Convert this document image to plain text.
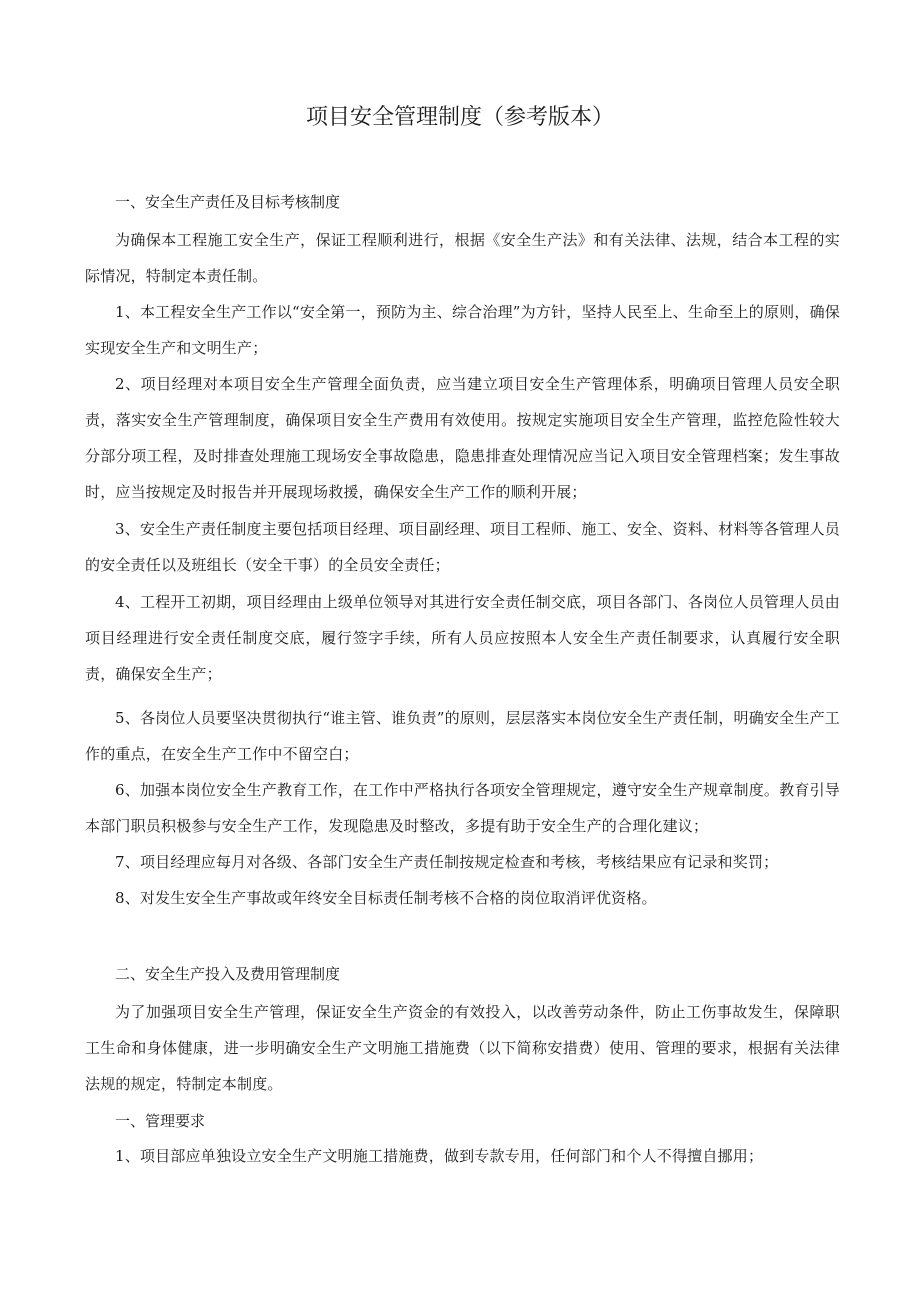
项目安全管理制度（参考版本）
一、安全生产责任及目标考核制度

为确保本工程施工安全生产，保证工程顺利进行，根据《安全生产法》和有关法律、法规，结合本工程的实际情况，特制定本责任制。

1、本工程安全生产工作以“安全第一，预防为主、综合治理”为方针，坚持人民至上、生命至上的原则，确保实现安全生产和文明生产；

2、项目经理对本项目安全生产管理全面负责，应当建立项目安全生产管理体系，明确项目管理人员安全职责，落实安全生产管理制度，确保项目安全生产费用有效使用。按规定实施项目安全生产管理，监控危险性较大分部分项工程，及时排查处理施工现场安全事故隐患，隐患排查处理情况应当记入项目安全管理档案；发生事故时，应当按规定及时报告并开展现场救援，确保安全生产工作的顺利开展；

3、安全生产责任制度主要包括项目经理、项目副经理、项目工程师、施工、安全、资料、材料等各管理人员的安全责任以及班组长（安全干事）的全员安全责任；

4、工程开工初期，项目经理由上级单位领导对其进行安全责任制交底，项目各部门、各岗位人员管理人员由项目经理进行安全责任制度交底，履行签字手续，所有人员应按照本人安全生产责任制要求，认真履行安全职责，确保安全生产；

5、各岗位人员要坚决贯彻执行“谁主管、谁负责”的原则，层层落实本岗位安全生产责任制，明确安全生产工作的重点，在安全生产工作中不留空白；

6、加强本岗位安全生产教育工作，在工作中严格执行各项安全管理规定，遵守安全生产规章制度。教育引导本部门职员积极参与安全生产工作，发现隐患及时整改，多提有助于安全生产的合理化建议；

7、项目经理应每月对各级、各部门安全生产责任制按规定检查和考核，考核结果应有记录和奖罚；

8、对发生安全生产事故或年终安全目标责任制考核不合格的岗位取消评优资格。

二、安全生产投入及费用管理制度

为了加强项目安全生产管理，保证安全生产资金的有效投入，以改善劳动条件，防止工伤事故发生，保障职工生命和身体健康，进一步明确安全生产文明施工措施费（以下简称安措费）使用、管理的要求，根据有关法律法规的规定，特制定本制度。

一、管理要求

1、项目部应单独设立安全生产文明施工措施费，做到专款专用，任何部门和个人不得擅自挪用；
